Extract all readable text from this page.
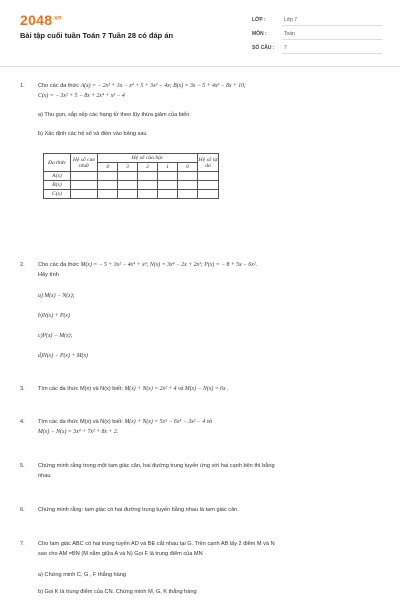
$2048^{.vn}$
Bài tập cuối tuần Toán 7 Tuần 28 có đáp án
LỚP :	Lớp 7
MÔN :	Toán
SỐ CÂU : 7
1. Cho các đa thức A(x) = − 2x² + 3x − x⁴ + 5 + 3x³ − 4x; B(x) = 3x − 5 + 4x³ − 8x + 10;
C(x) = − 3x² + 5 − 8x + 2x⁴ + x³ − 4
a) Thu gọn, sắp xếp các hạng tử theo lũy thừa giảm của biến
b) Xác định các hệ số và điền vào bảng sau
Đa thức	Hệ số cao nhất	Hệ số của bậc					Hệ số tự do
		4	3	2	1	0	
A(x)							
B(x)							
C(x)							
2. Cho các đa thức M(x) = − 5 + 3x² − 4x⁴ + x³; N(x) = 3x⁴ − 2x + 2x³; P(x) = − 8 + 5x − 6x².
Hãy tính
a) M(x) − N(x);
b)N(x) + P(x)
c)P(x) − M(x);
d)N(x) − P(x) + M(x)
3. Tìm các đa thức M(x) và N(x) biết: M(x) + N(x) = 2x² + 4 và M(x) − N(x) = 6x .
4. Tìm các đa thức M(x) và N(x) biết: M(x) + N(x) = 5x⁵ − 6x⁴ − 3x² − 4 và
M(x) − N(x) = 3x⁴ + 7x² + 8x + 2.
5. Chứng minh rằng trong một tam giác cân, hai đường trung tuyến ứng với hai cạnh bên thì bằng
nhau
6. Chứng minh rằng: tam giác có hai đường trung tuyến bằng nhau là tam giác cân.
7. Cho tam giác ABC có hai trung tuyến AD và BE cắt nhau tại G. Trên cạnh AB lấy 2 điểm M và N
sao cho AM =BN (M nằm giữa A và N) Gọi F là trung điểm của MN
a) Chứng minh C, G , F thẳng hàng
b) Gọi K là trung điểm của CN. Chứng minh M, G, K thẳng hàng
